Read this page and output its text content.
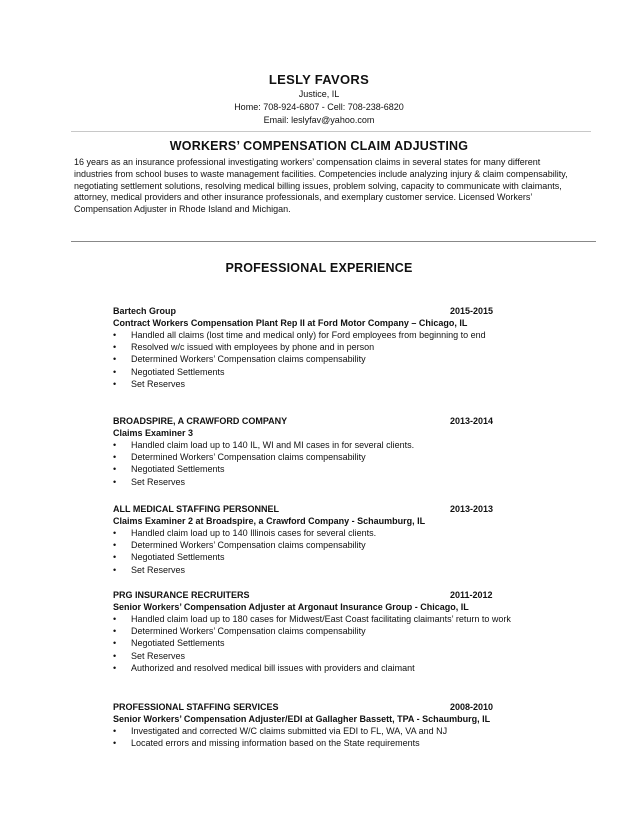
LESLY FAVORS
Justice, IL
Home: 708-924-6807 - Cell: 708-238-6820
Email: leslyfav@yahoo.com
WORKERS’ COMPENSATION CLAIM ADJUSTING
16 years as an insurance professional investigating workers’ compensation claims in several states for many different industries from school buses to waste management facilities. Competencies include analyzing injury & claim compensability, negotiating settlement solutions, resolving medical billing issues, problem solving, capacity to communicate with claimants, attorney, medical providers and other insurance professionals, and exemplary customer service. Licensed Workers’ Compensation Adjuster in Rhode Island and Michigan.
PROFESSIONAL EXPERIENCE
Bartech Group	2015-2015
Contract Workers Compensation Plant Rep II at Ford Motor Company – Chicago, IL
• Handled all claims (lost time and medical only) for Ford employees from beginning to end
• Resolved w/c issued with employees by phone and in person
• Determined Workers’ Compensation claims compensability
• Negotiated Settlements
• Set Reserves
BROADSPIRE, A CRAWFORD COMPANY	2013-2014
Claims Examiner 3
• Handled claim load up to 140 IL, WI and MI cases in for several clients.
• Determined Workers’ Compensation claims compensability
• Negotiated Settlements
• Set Reserves
ALL MEDICAL STAFFING PERSONNEL	2013-2013
Claims Examiner 2 at Broadspire, a Crawford Company - Schaumburg, IL
• Handled claim load up to 140 Illinois cases for several clients.
• Determined Workers’ Compensation claims compensability
• Negotiated Settlements
• Set Reserves
PRG INSURANCE RECRUITERS	2011-2012
Senior Workers’ Compensation Adjuster at Argonaut Insurance Group - Chicago, IL
• Handled claim load up to 180 cases for Midwest/East Coast facilitating claimants’ return to work
• Determined Workers’ Compensation claims compensability
• Negotiated Settlements
• Set Reserves
• Authorized and resolved medical bill issues with providers and claimant
PROFESSIONAL STAFFING SERVICES	2008-2010
Senior Workers’ Compensation Adjuster/EDI at Gallagher Bassett, TPA - Schaumburg, IL
• Investigated and corrected W/C claims submitted via EDI to FL, WA, VA and NJ
• Located errors and missing information based on the State requirements
